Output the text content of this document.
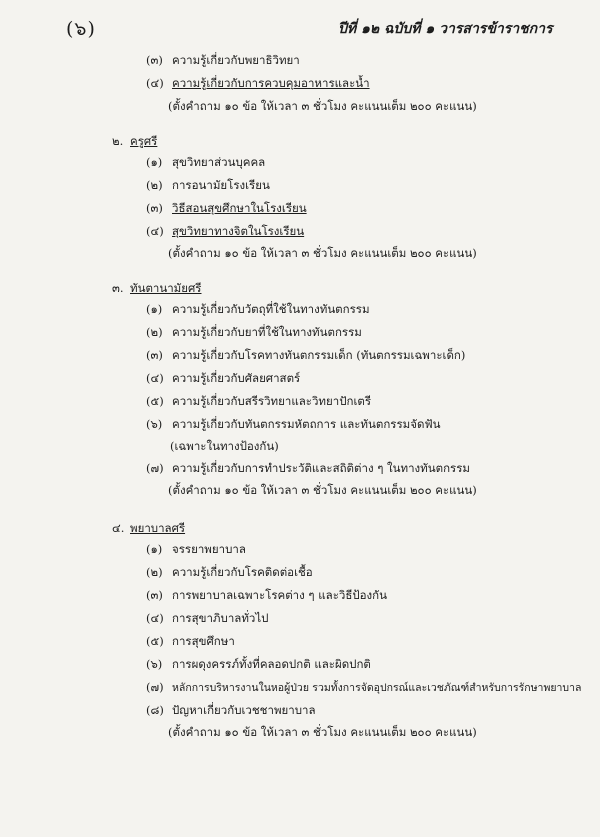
(๖)	ปีที่ ๑๒ ฉบับที่ ๑ วารสารข้าราชการ
(๓) ความรู้เกี่ยวกับพยาธิวิทยา
(๔) ความรู้เกี่ยวกับการควบคุมอาหารและน้ำ
(ตั้งคำถาม ๑๐ ข้อ ให้เวลา ๓ ชั่วโมง คะแนนเต็ม ๒๐๐ คะแนน)
๒. ครูศรี
(๑) สุขวิทยาส่วนบุคคล
(๒) การอนามัยโรงเรียน
(๓) วิธีสอนสุขศึกษาในโรงเรียน
(๔) สุขวิทยาทางจิตในโรงเรียน
(ตั้งคำถาม ๑๐ ข้อ ให้เวลา ๓ ชั่วโมง คะแนนเต็ม ๒๐๐ คะแนน)
๓. ทันตานามัยศรี
(๑) ความรู้เกี่ยวกับวัตถุที่ใช้ในทางทันตกรรม
(๒) ความรู้เกี่ยวกับยาที่ใช้ในทางทันตกรรม
(๓) ความรู้เกี่ยวกับโรคทางทันตกรรมเด็ก (ทันตกรรมเฉพาะเด็ก)
(๔) ความรู้เกี่ยวกับศัลยศาสตร์
(๕) ความรู้เกี่ยวกับสรีรวิทยาและวิทยาปักเตรี
(๖) ความรู้เกี่ยวกับทันตกรรมหัตถการ และทันตกรรมจัดฟัน
(เฉพาะในทางป้องกัน)
(๗) ความรู้เกี่ยวกับการทำประวัติและสถิติต่าง ๆ ในทางทันตกรรม
(ตั้งคำถาม ๑๐ ข้อ ให้เวลา ๓ ชั่วโมง คะแนนเต็ม ๒๐๐ คะแนน)
๔. พยาบาลศรี
(๑) จรรยาพยาบาล
(๒) ความรู้เกี่ยวกับโรคติดต่อเชื้อ
(๓) การพยาบาลเฉพาะโรคต่าง ๆ และวิธีป้องกัน
(๔) การสุขาภิบาลทั่วไป
(๕) การสุขศึกษา
(๖) การผดุงครรภ์ทั้งที่คลอดปกติ และผิดปกติ
(๗) หลักการบริหารงานในหอผู้ป่วย รวมทั้งการจัดอุปกรณ์และเวชภัณฑ์สำหรับการรักษาพยาบาล
(๘) ปัญหาเกี่ยวกับเวชชาพยาบาล
(ตั้งคำถาม ๑๐ ข้อ ให้เวลา ๓ ชั่วโมง คะแนนเต็ม ๒๐๐ คะแนน)
